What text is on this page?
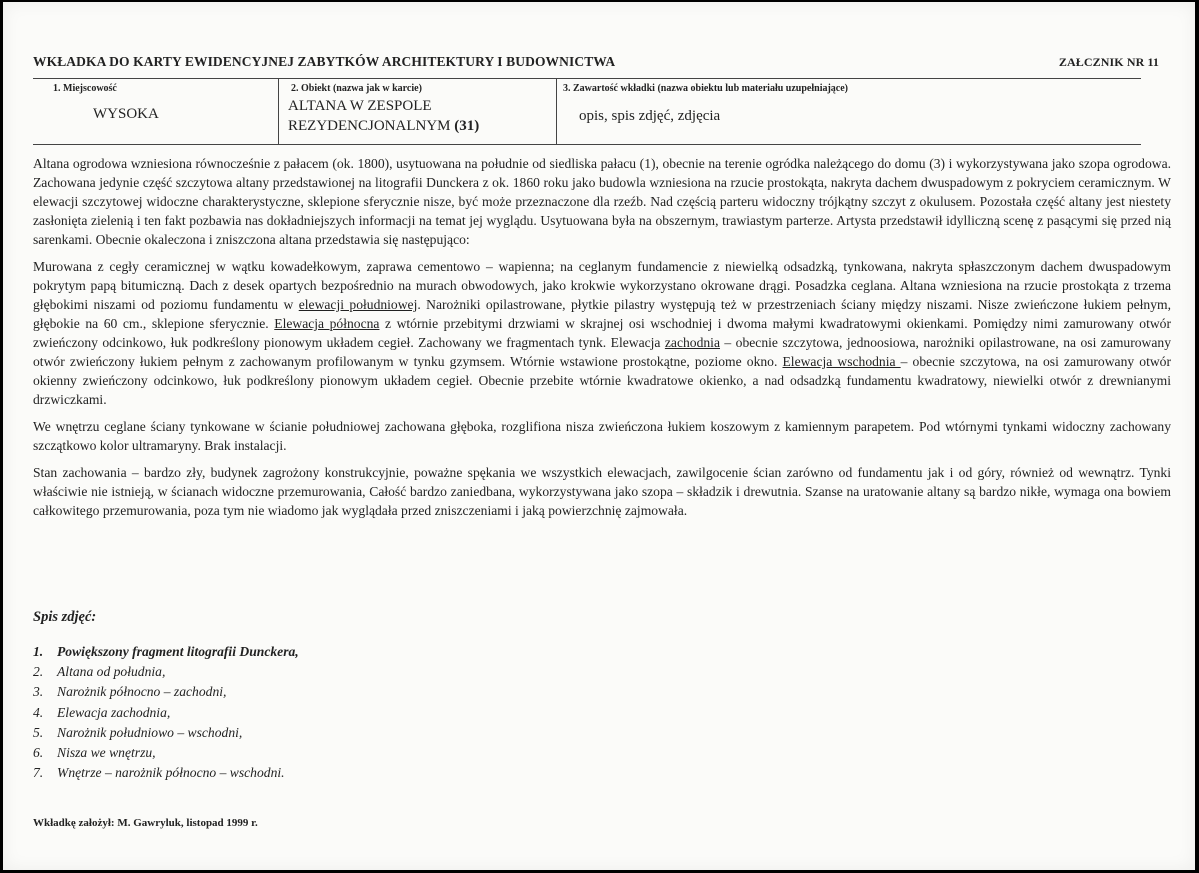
WKŁADKA DO KARTY EWIDENCYJNEJ ZABYTKÓW ARCHITEKTURY I BUDOWNICTWA	ZAŁCZNIK NR 11
1. Miejscowość
WYSOKA
2. Obiekt (nazwa jak w karcie)
ALTANA W ZESPOLE
REZYDENCJONALNYM (31)
3. Zawartość wkładki (nazwa obiektu lub materiału uzupełniające)
opis, spis zdjęć, zdjęcia

Altana ogrodowa wzniesiona równocześnie z pałacem (ok. 1800), usytuowana na południe od siedliska pałacu (1), obecnie na terenie ogródka należącego do domu (3) i wykorzystywana jako szopa ogrodowa. Zachowana jedynie część szczytowa altany przedstawionej na litografii Dunckera z ok. 1860 roku jako budowla wzniesiona na rzucie prostokąta, nakryta dachem dwuspadowym z pokryciem ceramicznym. W elewacji szczytowej widoczne charakterystyczne, sklepione sferycznie nisze, być może przeznaczone dla rzeźb. Nad częścią parteru widoczny trójkątny szczyt z okulusem. Pozostała część altany jest niestety zasłonięta zielenią i ten fakt pozbawia nas dokładniejszych informacji na temat jej wyglądu. Usytuowana była na obszernym, trawiastym parterze. Artysta przedstawił idylliczną scenę z pasącymi się przed nią sarenkami. Obecnie okaleczona i zniszczona altana przedstawia się następująco:

Murowana z cegły ceramicznej w wątku kowadełkowym, zaprawa cementowo – wapienna; na ceglanym fundamencie z niewielką odsadzką, tynkowana, nakryta spłaszczonym dachem dwuspadowym pokrytym papą bitumiczną. Dach z desek opartych bezpośrednio na murach obwodowych, jako krokwie wykorzystano okrowane drągi. Posadzka ceglana. Altana wzniesiona na rzucie prostokąta z trzema głębokimi niszami od poziomu fundamentu w elewacji południowej. Narożniki opilastrowane, płytkie pilastry występują też w przestrzeniach ściany między niszami. Nisze zwieńczone łukiem pełnym, głębokie na 60 cm., sklepione sferycznie. Elewacja północna z wtórnie przebitymi drzwiami w skrajnej osi wschodniej i dwoma małymi kwadratowymi okienkami. Pomiędzy nimi zamurowany otwór zwieńczony odcinkowo, łuk podkreślony pionowym układem cegieł. Zachowany we fragmentach tynk. Elewacja zachodnia – obecnie szczytowa, jednoosiowa, narożniki opilastrowane, na osi zamurowany otwór zwieńczony łukiem pełnym z zachowanym profilowanym w tynku gzymsem. Wtórnie wstawione prostokątne, poziome okno. Elewacja wschodnia – obecnie szczytowa, na osi zamurowany otwór okienny zwieńczony odcinkowo, łuk podkreślony pionowym układem cegieł. Obecnie przebite wtórnie kwadratowe okienko, a nad odsadzką fundamentu kwadratowy, niewielki otwór z drewnianymi drzwiczkami.

We wnętrzu ceglane ściany tynkowane w ścianie południowej zachowana głęboka, rozglifiona nisza zwieńczona łukiem koszowym z kamiennym parapetem. Pod wtórnymi tynkami widoczny zachowany szczątkowo kolor ultramaryny. Brak instalacji.

Stan zachowania – bardzo zły, budynek zagrożony konstrukcyjnie, poważne spękania we wszystkich elewacjach, zawilgocenie ścian zarówno od fundamentu jak i od góry, również od wewnątrz. Tynki właściwie nie istnieją, w ścianach widoczne przemurowania, Całość bardzo zaniedbana, wykorzystywana jako szopa – składzik i drewutnia. Szanse na uratowanie altany są bardzo nikłe, wymaga ona bowiem całkowitego przemurowania, poza tym nie wiadomo jak wyglądała przed zniszczeniami i jaką powierzchnię zajmowała.

Spis zdjęć:
1.	Powiększony fragment litografii Dunckera,
2.	Altana od południa,
3.	Narożnik północno – zachodni,
4.	Elewacja zachodnia,
5.	Narożnik południowo – wschodni,
6.	Nisza we wnętrzu,
7.	Wnętrze – narożnik północno – wschodni.
Wkładkę założył: M. Gawryluk, listopad 1999 r.
